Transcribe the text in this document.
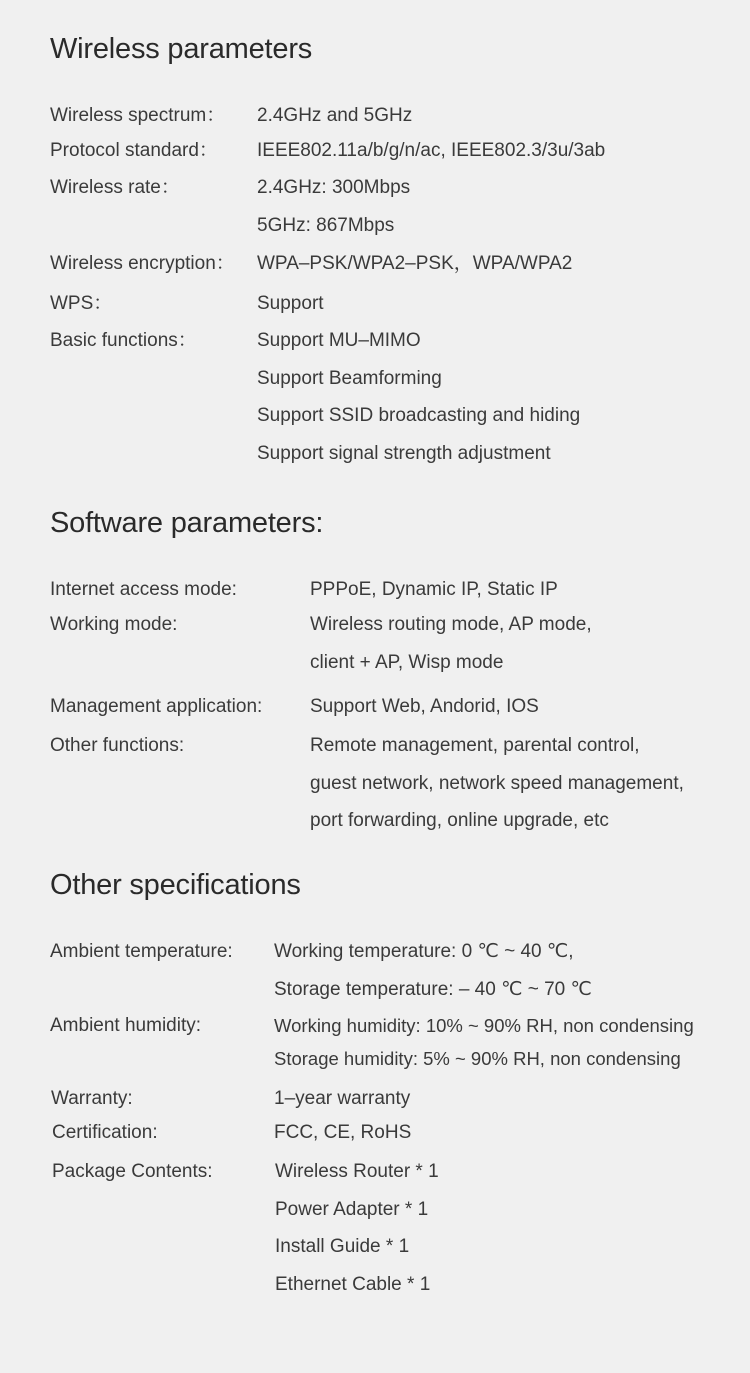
Wireless parameters
Wireless spectrum： 2.4GHz and 5GHz
Protocol standard： IEEE802.11a/b/g/n/ac, IEEE802.3/3u/3ab
Wireless rate：	2.4GHz: 300Mbps
5GHz: 867Mbps
Wireless encryption： WPA–PSK/WPA2–PSK，WPA/WPA2
WPS：	Support
Basic functions：	Support MU–MIMO
Support Beamforming
Support SSID broadcasting and hiding
Support signal strength adjustment
Software parameters:
Internet access mode:	PPPoE, Dynamic IP, Static IP
Working mode:	Wireless routing mode, AP mode,
client + AP, Wisp mode
Management application:	Support Web, Andorid, IOS
Other functions:	Remote management, parental control,
guest network, network speed management,
port forwarding, online upgrade, etc
Other specifications
Ambient temperature: Working temperature: 0 ℃ ~ 40 ℃,
Storage temperature: – 40 ℃ ~ 70 ℃
Ambient humidity:	Working humidity: 10% ~ 90% RH, non condensing
Storage humidity: 5% ~ 90% RH, non condensing
Warranty:	1–year warranty
Certification:	FCC, CE, RoHS
Package Contents:	Wireless Router * 1
Power Adapter * 1
Install Guide * 1
Ethernet Cable * 1
